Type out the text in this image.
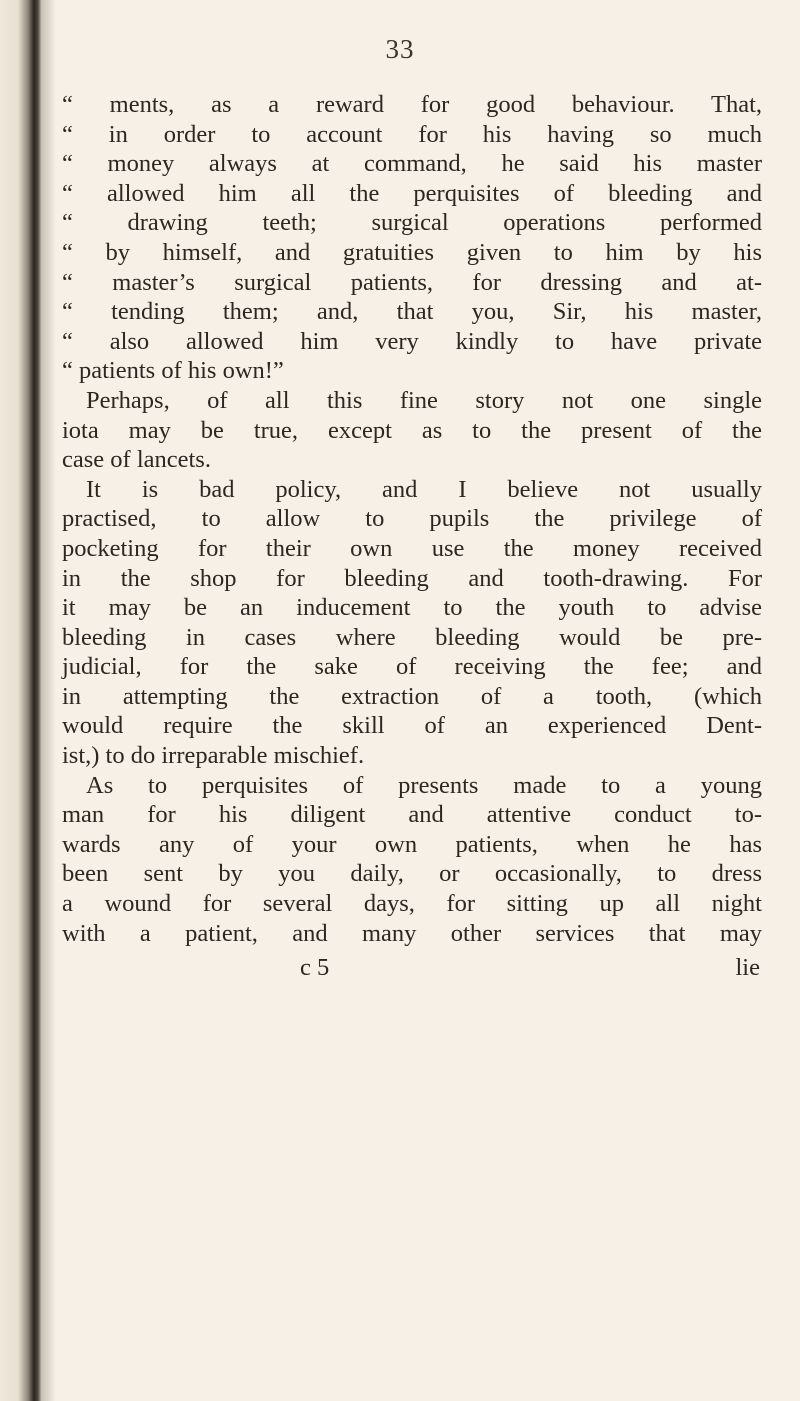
33
“ ments, as a reward for good behaviour. That,
“ in order to account for his having so much
“ money always at command, he said his master
“ allowed him all the perquisites of bleeding and
“ drawing teeth; surgical operations performed
“ by himself, and gratuities given to him by his
“ master’s surgical patients, for dressing and at-
“ tending them; and, that you, Sir, his master,
“ also allowed him very kindly to have private
“ patients of his own!”
Perhaps, of all this fine story not one single
iota may be true, except as to the present of the
case of lancets.
It is bad policy, and I believe not usually
practised, to allow to pupils the privilege of
pocketing for their own use the money received
in the shop for bleeding and tooth-drawing. For
it may be an inducement to the youth to advise
bleeding in cases where bleeding would be pre-
judicial, for the sake of receiving the fee; and
in attempting the extraction of a tooth, (which
would require the skill of an experienced Dent-
ist,) to do irreparable mischief.
As to perquisites of presents made to a young
man for his diligent and attentive conduct to-
wards any of your own patients, when he has
been sent by you daily, or occasionally, to dress
a wound for several days, for sitting up all night
with a patient, and many other services that may
c 5	lie
